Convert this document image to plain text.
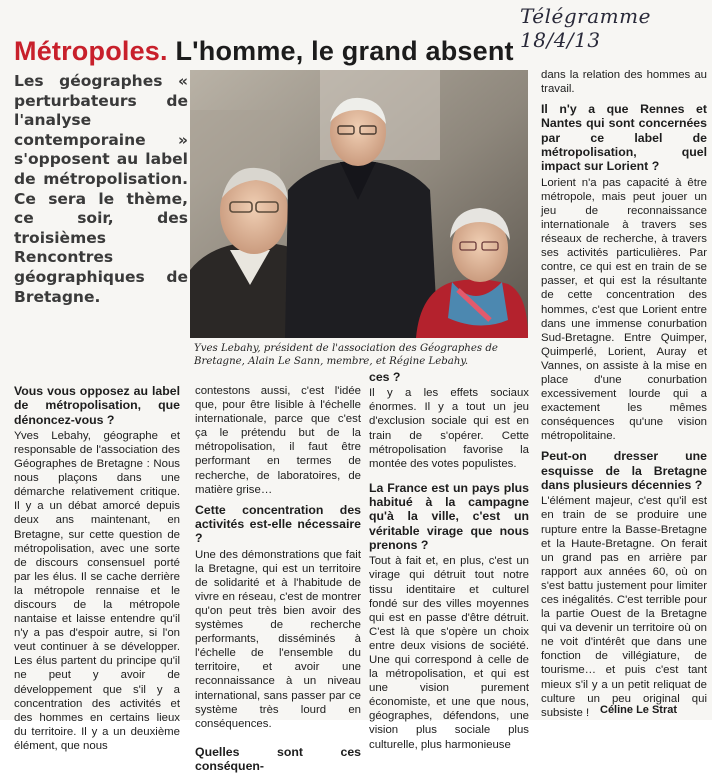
Télégramme 18/4/13
Métropoles. L'homme, le grand absent
Les géographes « perturbateurs de l'analyse contemporaine » s'opposent au label de métropolisation. Ce sera le thème, ce soir, des troisièmes Rencontres géographiques de Bretagne.
Yves Lebahy, président de l'association des Géographes de Bretagne, Alain Le Sann, membre, et Régine Lebahy.

Vous vous opposez au label de métropolisation, que dénoncez-vous ?

Yves Lebahy, géographe et responsable de l'association des Géographes de Bretagne : Nous nous plaçons dans une démarche relativement critique. Il y a un débat amorcé depuis deux ans maintenant, en Bretagne, sur cette question de métropolisation, avec une sorte de discours consensuel porté par les élus. Il se cache derrière la métropole rennaise et le discours de la métropole nantaise et laisse entendre qu'il n'y a pas d'espoir autre, si l'on veut continuer à se développer. Les élus partent du principe qu'il ne peut y avoir de développement que s'il y a concentration des activités et des hommes en certains lieux du territoire. Il y a un deuxième élément, que nous

contestons aussi, c'est l'idée que, pour être lisible à l'échelle internationale, parce que c'est ça le prétendu but de la métropolisation, il faut être performant en termes de recherche, de laboratoires, de matière grise…

Cette concentration des activités est-elle nécessaire ?

Une des démonstrations que fait la Bretagne, qui est un territoire de solidarité et à l'habitude de vivre en réseau, c'est de montrer qu'on peut très bien avoir des systèmes de recherche performants, disséminés à l'échelle de l'ensemble du territoire, et avoir une reconnaissance à un niveau international, sans passer par ce système très lourd en conséquences.

Quelles sont ces conséquen-

ces ?

Il y a les effets sociaux énormes. Il y a tout un jeu d'exclusion sociale qui est en train de s'opérer. Cette métropolisation favorise la montée des votes populistes.

La France est un pays plus habitué à la campagne qu'à la ville, c'est un véritable virage que nous prenons ?

Tout à fait et, en plus, c'est un virage qui détruit tout notre tissu identitaire et culturel fondé sur des villes moyennes qui est en passe d'être détruit. C'est là que s'opère un choix entre deux visions de société. Une qui correspond à celle de la métropolisation, et qui est une vision purement économiste, et une que nous, géographes, défendons, une vision plus sociale plus culturelle, plus harmonieuse

dans la relation des hommes au travail.

Il n'y a que Rennes et Nantes qui sont concernées par ce label de métropolisation, quel impact sur Lorient ?

Lorient n'a pas capacité à être métropole, mais peut jouer un jeu de reconnaissance internationale à travers ses réseaux de recherche, à travers ses activités particulières. Par contre, ce qui est en train de se passer, et qui est la résultante de cette concentration des hommes, c'est que Lorient entre dans une immense conurbation Sud-Bretagne. Entre Quimper, Quimperlé, Lorient, Auray et Vannes, on assiste à la mise en place d'une conurbation excessivement lourde qui a exactement les mêmes conséquences qu'une vision métropolitaine.

Peut-on dresser une esquisse de la Bretagne dans plusieurs décennies ?

L'élément majeur, c'est qu'il est en train de se produire une rupture entre la Basse-Bretagne et la Haute-Bretagne. On ferait un grand pas en arrière par rapport aux années 60, où on s'est battu justement pour limiter ces inégalités. C'est terrible pour la partie Ouest de la Bretagne qui va devenir un territoire où on ne voit d'intérêt que dans une fonction de villégiature, de tourisme… et puis c'est tant mieux s'il y a un petit reliquat de culture un peu original qui subsiste ! Céline Le Strat
